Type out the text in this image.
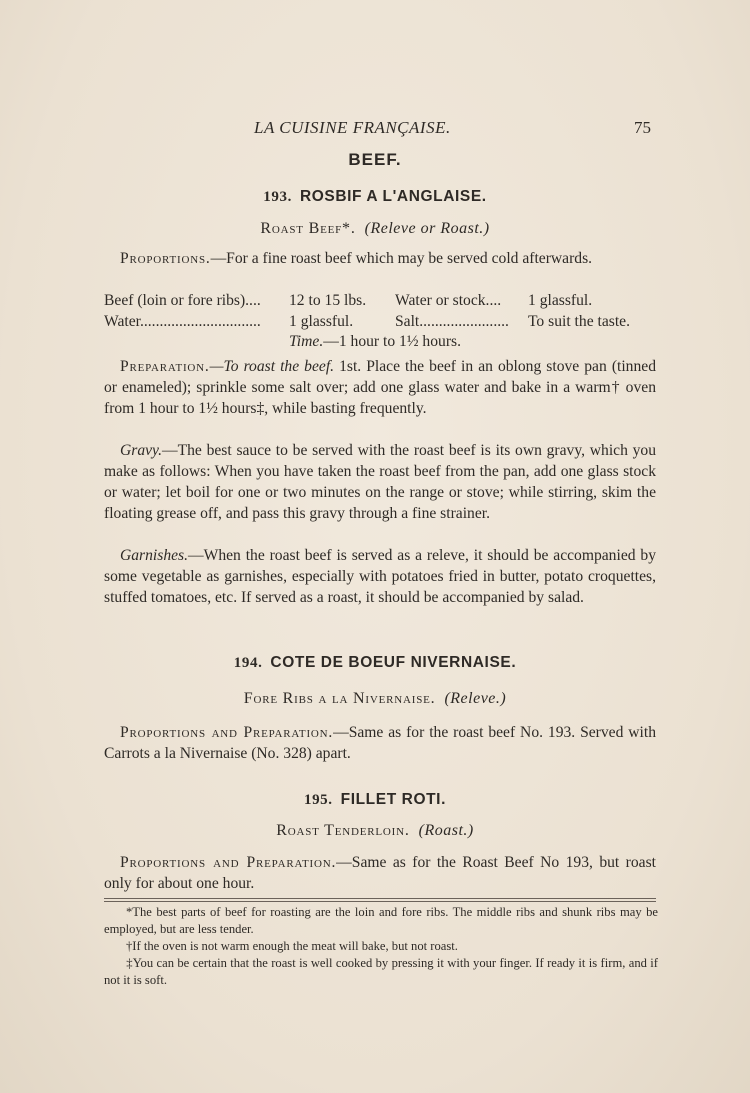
LA CUISINE FRANÇAISE.	75
BEEF.
193. ROSBIF A L'ANGLAISE.
Roast Beef*. (Releve or Roast.)
Proportions.—For a fine roast beef which may be served cold afterwards.
Beef (loin or fore ribs).... 12 to 15 lbs. Water or stock.... 1 glassful.
Water............................... 1 glassful.	Salt....................... To suit the taste.
Time.—1 hour to 1½ hours.
Preparation.—To roast the beef. 1st. Place the beef in an oblong stove pan (tinned or enameled); sprinkle some salt over; add one glass water and bake in a warm† oven from 1 hour to 1½ hours‡, while basting frequently.
Gravy.—The best sauce to be served with the roast beef is its own gravy, which you make as follows: When you have taken the roast beef from the pan, add one glass stock or water; let boil for one or two minutes on the range or stove; while stirring, skim the floating grease off, and pass this gravy through a fine strainer.
Garnishes.—When the roast beef is served as a releve, it should be accompanied by some vegetable as garnishes, especially with potatoes fried in butter, potato croquettes, stuffed tomatoes, etc. If served as a roast, it should be accompanied by salad.
194. COTE DE BOEUF NIVERNAISE.
Fore Ribs a la Nivernaise. (Releve.)
Proportions and Preparation.—Same as for the roast beef No. 193. Served with Carrots a la Nivernaise (No. 328) apart.
195. FILLET ROTI.
Roast Tenderloin. (Roast.)
Proportions and Preparation.—Same as for the Roast Beef No 193, but roast only for about one hour.
*The best parts of beef for roasting are the loin and fore ribs. The middle ribs and shunk ribs may be employed, but are less tender.
†If the oven is not warm enough the meat will bake, but not roast.
‡You can be certain that the roast is well cooked by pressing it with your finger. If ready it is firm, and if not it is soft.
